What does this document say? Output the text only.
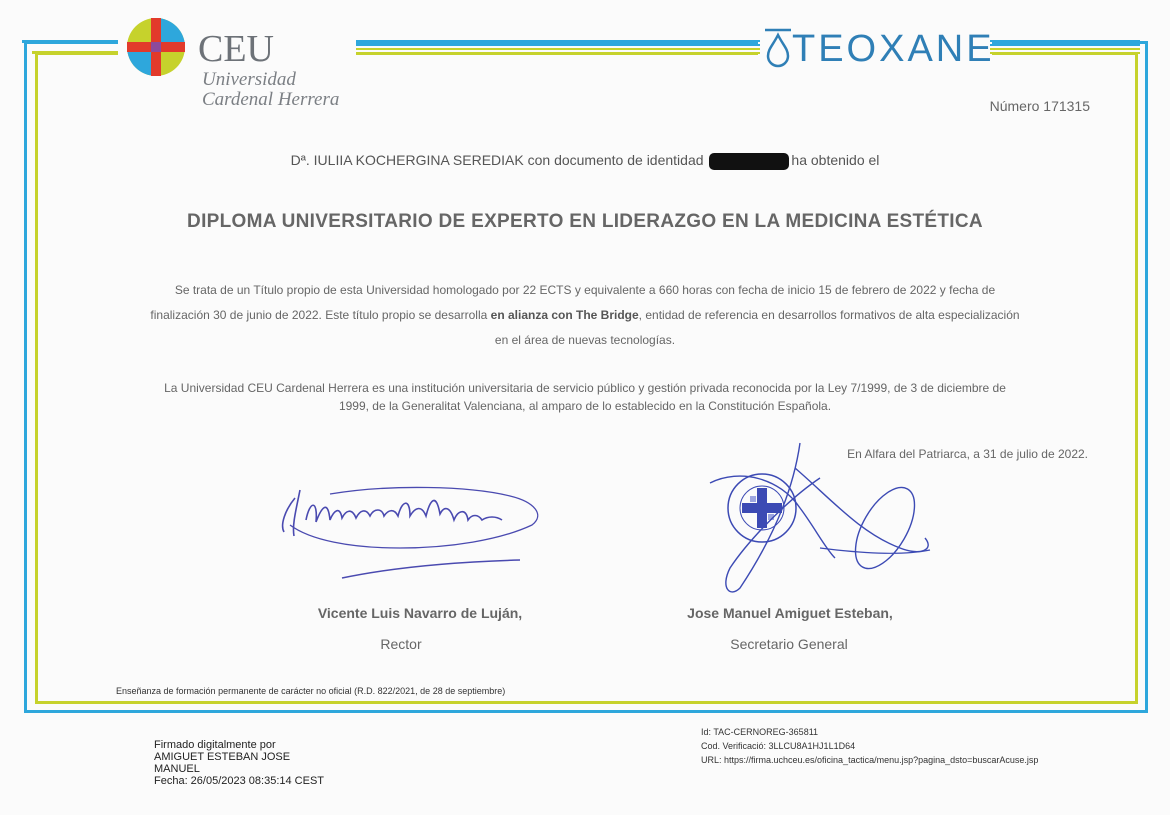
CEU
Universidad
Cardenal Herrera
TEOXANE
Número 171315
Dª. IULIIA KOCHERGINA SEREDIAK con documento de identidad	ha obtenido el
DIPLOMA UNIVERSITARIO DE EXPERTO EN LIDERAZGO EN LA MEDICINA ESTÉTICA
Se trata de un Título propio de esta Universidad homologado por 22 ECTS y equivalente a 660 horas con fecha de inicio 15 de febrero de 2022 y fecha de finalización 30 de junio de 2022. Este título propio se desarrolla en alianza con The Bridge, entidad de referencia en desarrollos formativos de alta especialización en el área de nuevas tecnologías.
La Universidad CEU Cardenal Herrera es una institución universitaria de servicio público y gestión privada reconocida por la Ley 7/1999, de 3 de diciembre de 1999, de la Generalitat Valenciana, al amparo de lo establecido en la Constitución Española.
En Alfara del Patriarca, a 31 de julio de 2022.
Vicente Luis Navarro de Luján,
Rector
Jose Manuel Amiguet Esteban,
Secretario General
Enseñanza de formación permanente de carácter no oficial (R.D. 822/2021, de 28 de septiembre)
Firmado digitalmente por
AMIGUET ESTEBAN JOSE
MANUEL
Fecha: 26/05/2023 08:35:14 CEST
Id: TAC-CERNOREG-365811
Cod. Verificació: 3LLCU8A1HJ1L1D64
URL: https://firma.uchceu.es/oficina_tactica/menu.jsp?pagina_dsto=buscarAcuse.jsp
